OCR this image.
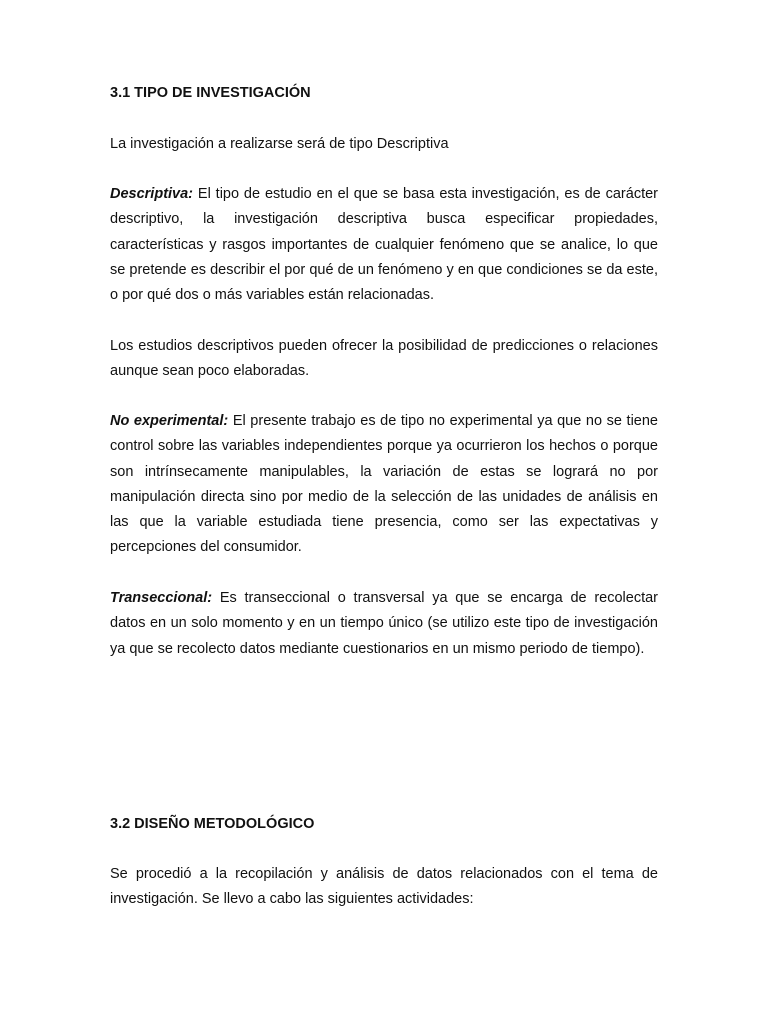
3.1 TIPO DE INVESTIGACIÓN

La investigación a realizarse será de tipo Descriptiva

Descriptiva: El tipo de estudio en el que se basa esta investigación, es de carácter descriptivo, la investigación descriptiva busca especificar propiedades, características y rasgos importantes de cualquier fenómeno que se analice, lo que se pretende es describir el por qué de un fenómeno y en que condiciones se da este, o por qué dos o más variables están relacionadas.

Los estudios descriptivos pueden ofrecer la posibilidad de predicciones o relaciones aunque sean poco elaboradas.

No experimental: El presente trabajo es de tipo no experimental ya que no se tiene control sobre las variables independientes porque ya ocurrieron los hechos o porque son intrínsecamente manipulables, la variación de estas se logrará no por manipulación directa sino por medio de la selección de las unidades de análisis en las que la variable estudiada tiene presencia, como ser las expectativas y percepciones del consumidor.

Transeccional: Es transeccional o transversal ya que se encarga de recolectar datos en un solo momento y en un tiempo único (se utilizo este tipo de investigación ya que se recolecto datos mediante cuestionarios en un mismo periodo de tiempo).

3.2 DISEÑO METODOLÓGICO

Se procedió a la recopilación y análisis de datos relacionados con el tema de investigación. Se llevo a cabo las siguientes actividades:
